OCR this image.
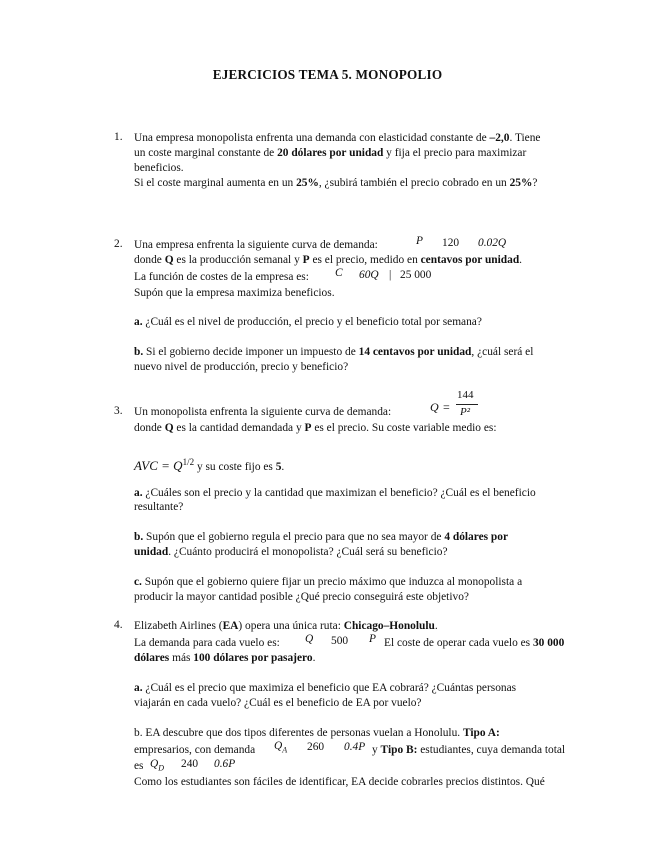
EJERCICIOS TEMA 5. MONOPOLIO
1. Una empresa monopolista enfrenta una demanda con elasticidad constante de –2,0. Tiene
un coste marginal constante de 20 dólares por unidad y fija el precio para maximizar
beneficios.
Si el coste marginal aumenta en un 25%, ¿subirá también el precio cobrado en un 25%?
2. Una empresa enfrenta la siguiente curva de demanda:	P 120 0.02Q
donde Q es la producción semanal y P es el precio, medido en centavos por unidad.
La función de costes de la empresa es: C 60Q | 25 000
Supón que la empresa maximiza beneficios.
a. ¿Cuál es el nivel de producción, el precio y el beneficio total por semana?
b. Si el gobierno decide imponer un impuesto de 14 centavos por unidad, ¿cuál será el
nuevo nivel de producción, precio y beneficio?
3. Un monopolista enfrenta la siguiente curva de demanda:	Q =
144
P²
donde Q es la cantidad demandada y P es el precio. Su coste variable medio es:
AVC = $Q^{1/2}$ y su coste fijo es 5.
a. ¿Cuáles son el precio y la cantidad que maximizan el beneficio? ¿Cuál es el beneficio
resultante?
b. Supón que el gobierno regula el precio para que no sea mayor de 4 dólares por
unidad. ¿Cuánto producirá el monopolista? ¿Cuál será su beneficio?
c. Supón que el gobierno quiere fijar un precio máximo que induzca al monopolista a
producir la mayor cantidad posible ¿Qué precio conseguirá este objetivo?
4. Elizabeth Airlines (EA) opera una única ruta: Chicago–Honolulu.
La demanda para cada vuelo es: Q 500 P El coste de operar cada vuelo es 30 000
dólares más 100 dólares por pasajero.
a. ¿Cuál es el precio que maximiza el beneficio que EA cobrará? ¿Cuántas personas
viajarán en cada vuelo? ¿Cuál es el beneficio de EA por vuelo?
b. EA descubre que dos tipos diferentes de personas vuelan a Honolulu. Tipo A:
empresarios, con demanda $Q_A$ 260 0.4P y Tipo B: estudiantes, cuya demanda total
es $Q_D$ 240 0.6P
Como los estudiantes son fáciles de identificar, EA decide cobrarles precios distintos. Qué
